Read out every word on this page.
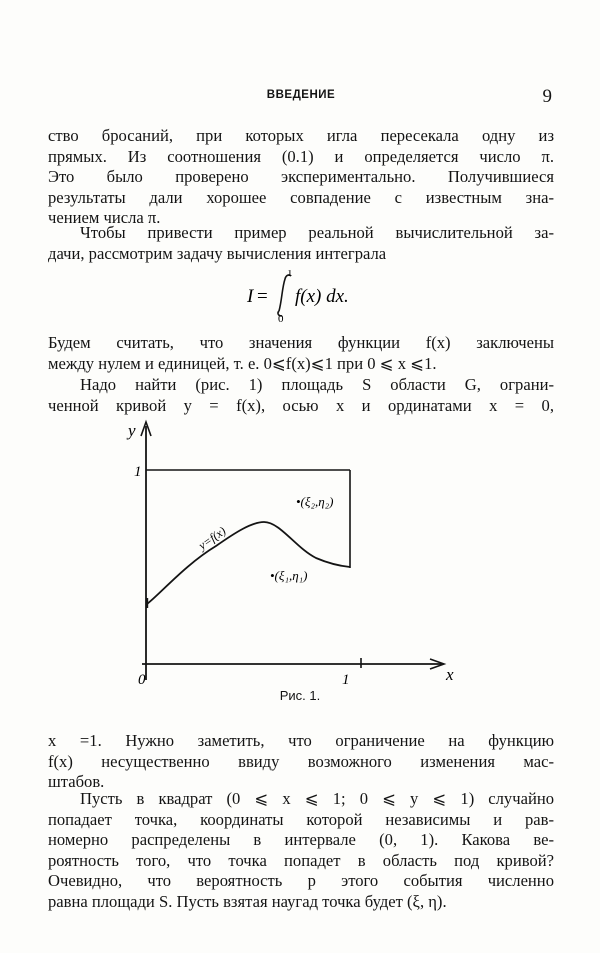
ВВЕДЕНИЕ	9
ство бросаний, при которых игла пересекала одну из
прямых. Из соотношения (0.1) и определяется число π.
Это было проверено экспериментально. Получившиеся
результаты дали хорошее совпадение с известным зна-
чением числа π.
Чтобы привести пример реальной вычислительной за-
дачи, рассмотрим задачу вычисления интеграла
I =
1
0
f(x) dx.
Будем считать, что значения функции f(x) заключены
между нулем и единицей, т. е. 0⩽f(x)⩽1 при 0 ⩽ x ⩽1.
Надо найти (рис. 1) площадь S области G, ограни-
ченной кривой y = f(x), осью x и ординатами x = 0,
y
x
1
0	1
y=f(x)
•(ξ₂,η₂)
•(ξ₁,η₁)
Рис. 1.
x =1. Нужно заметить, что ограничение на функцию
f(x) несущественно ввиду возможного изменения мас-
штабов.
Пусть в квадрат (0 ⩽ x ⩽ 1; 0 ⩽ y ⩽ 1) случайно
попадает точка, координаты которой независимы и рав-
номерно распределены в интервале (0, 1). Какова ве-
роятность того, что точка попадет в область под кривой?
Очевидно, что вероятность p этого события численно
равна площади S. Пусть взятая наугад точка будет (ξ, η).
